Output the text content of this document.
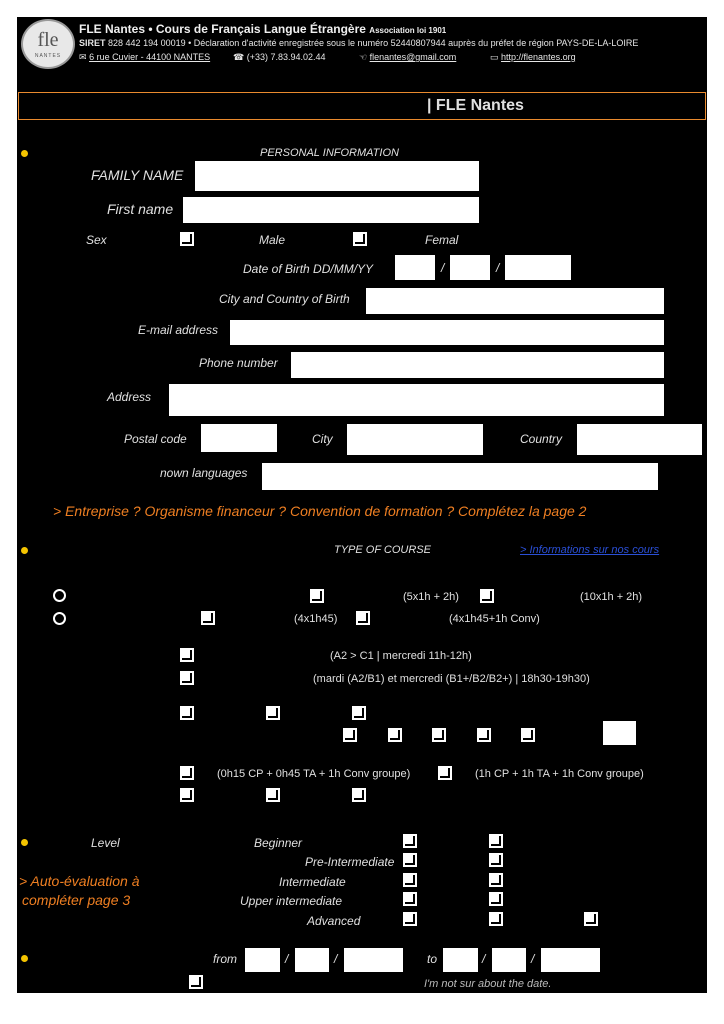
fle
NANTES
FLE Nantes • Cours de Français Langue Étrangère Association loi 1901
SIRET 828 442 194 00019 • Déclaration d'activité enregistrée sous le numéro 52440807944 auprès du préfet de région PAYS-DE-LA-LOIRE
✉ 6 rue Cuvier - 44100 NANTES	☎ (+33) 7.83.94.02.44	☜ flenantes@gmail.com	▭ http://flenantes.org
| FLE Nantes
PERSONAL INFORMATION
FAMILY NAME
First name
Sex	Male	Femal
Date of Birth DD/MM/YY	/	/
City and Country of Birth
E-mail address
Phone number
Address
Postal code	City	Country
nown languages
> Entreprise ? Organisme financeur ? Convention de formation ? Complétez la page 2
TYPE OF COURSE	> Informations sur nos cours
(5x1h + 2h)	(10x1h + 2h)
(4x1h45)	(4x1h45+1h Conv)
(A2 > C1 | mercredi 11h-12h)
(mardi (A2/B1) et mercredi (B1+/B2/B2+) | 18h30-19h30)
(0h15 CP + 0h45 TA + 1h Conv groupe)	(1h CP + 1h TA + 1h Conv groupe)
Level	Beginner
Pre-Intermediate
Intermediate
Upper intermediate
Advanced
> Auto-évaluation à
compléter page 3
from	/	/	to	/	/
I'm not sur about the date.
